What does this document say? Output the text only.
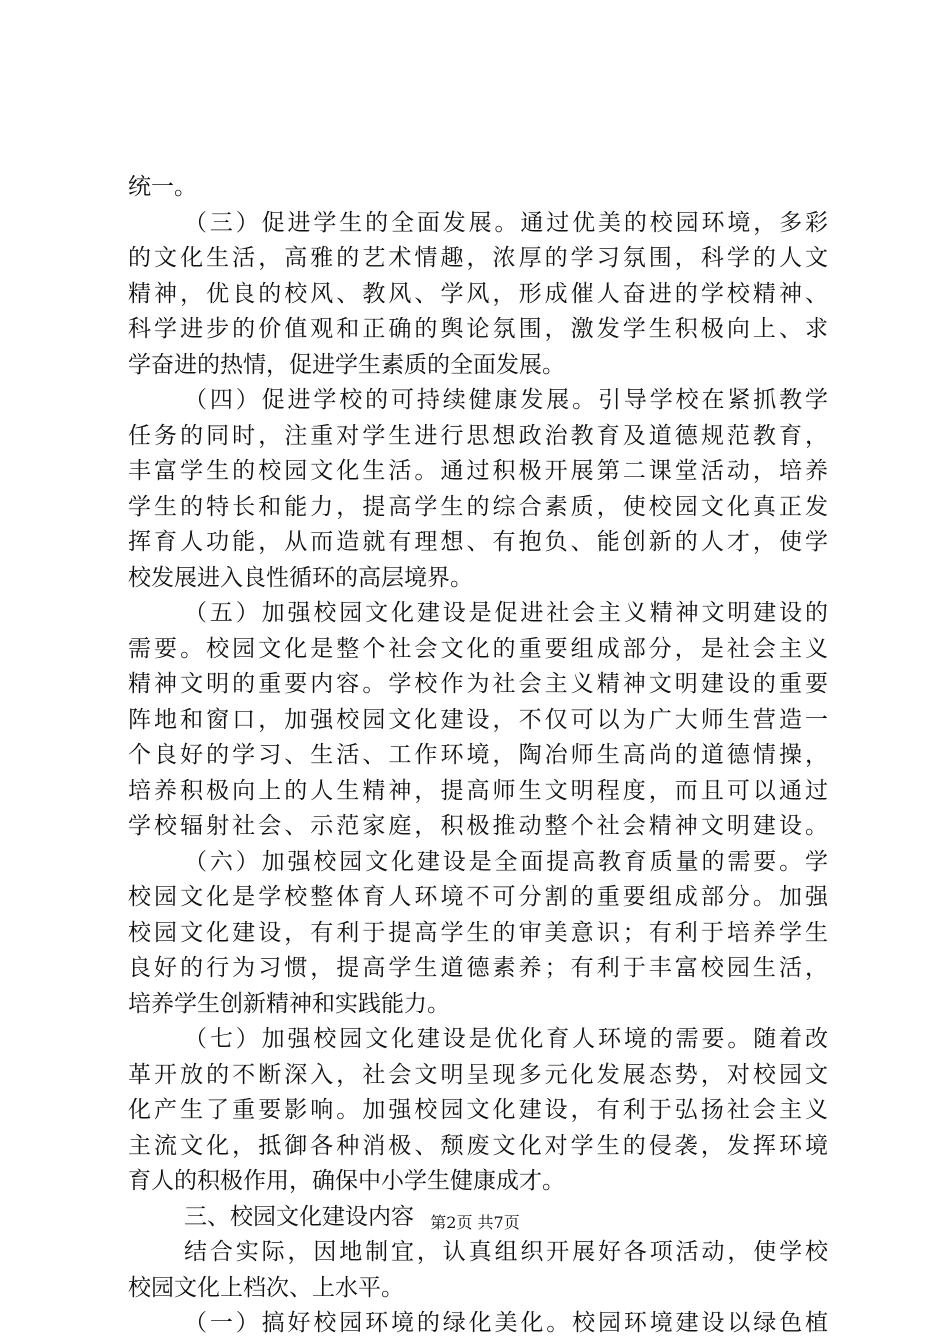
统一。
（三）促进学生的全面发展。通过优美的校园环境，多彩
的文化生活，高雅的艺术情趣，浓厚的学习氛围，科学的人文
精神，优良的校风、教风、学风，形成催人奋进的学校精神、
科学进步的价值观和正确的舆论氛围，激发学生积极向上、求
学奋进的热情，促进学生素质的全面发展。
（四）促进学校的可持续健康发展。引导学校在紧抓教学
任务的同时，注重对学生进行思想政治教育及道德规范教育，
丰富学生的校园文化生活。通过积极开展第二课堂活动，培养
学生的特长和能力，提高学生的综合素质，使校园文化真正发
挥育人功能，从而造就有理想、有抱负、能创新的人才，使学
校发展进入良性循环的高层境界。
（五）加强校园文化建设是促进社会主义精神文明建设的
需要。校园文化是整个社会文化的重要组成部分，是社会主义
精神文明的重要内容。学校作为社会主义精神文明建设的重要
阵地和窗口，加强校园文化建设，不仅可以为广大师生营造一
个良好的学习、生活、工作环境，陶冶师生高尚的道德情操，
培养积极向上的人生精神，提高师生文明程度，而且可以通过
学校辐射社会、示范家庭，积极推动整个社会精神文明建设。
（六）加强校园文化建设是全面提高教育质量的需要。学
校园文化是学校整体育人环境不可分割的重要组成部分。加强
校园文化建设，有利于提高学生的审美意识；有利于培养学生
良好的行为习惯，提高学生道德素养；有利于丰富校园生活，
培养学生创新精神和实践能力。
（七）加强校园文化建设是优化育人环境的需要。随着改
革开放的不断深入，社会文明呈现多元化发展态势，对校园文
化产生了重要影响。加强校园文化建设，有利于弘扬社会主义
主流文化，抵御各种消极、颓废文化对学生的侵袭，发挥环境
育人的积极作用，确保中小学生健康成才。
三、校园文化建设内容
结合实际，因地制宜，认真组织开展好各项活动，使学校
校园文化上档次、上水平。
（一）搞好校园环境的绿化美化。校园环境建设以绿色植
第2页 共7页
